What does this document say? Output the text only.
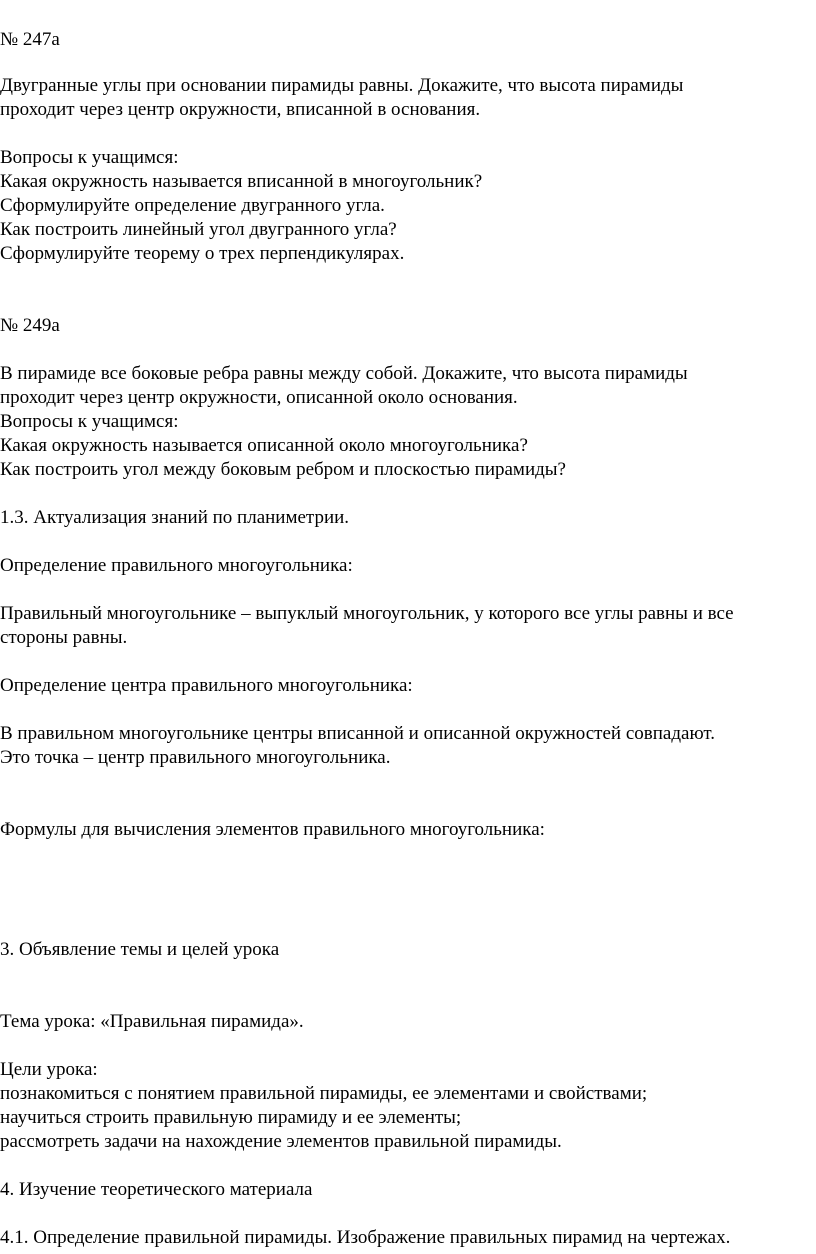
№ 247а

Двугранные углы при основании пирамиды равны. Докажите, что высота пирамиды

проходит через центр окружности, вписанной в основания.

Вопросы к учащимся:

Какая окружность называется вписанной в многоугольник?

Сформулируйте определение двугранного угла.

Как построить линейный угол двугранного угла?

Сформулируйте теорему о трех перпендикулярах.

№ 249а

В пирамиде все боковые ребра равны между собой. Докажите, что высота пирамиды

проходит через центр окружности, описанной около основания.

Вопросы к учащимся:

Какая окружность называется описанной около многоугольника?

Как построить угол между боковым ребром и плоскостью пирамиды?

1.3. Актуализация знаний по планиметрии.

Определение правильного многоугольника:

Правильный многоугольнике – выпуклый многоугольник, у которого все углы равны и все

стороны равны.

Определение центра правильного многоугольника:

В правильном многоугольнике центры вписанной и описанной окружностей совпадают.

Это точка – центр правильного многоугольника.

Формулы для вычисления элементов правильного многоугольника:

3. Объявление темы и целей урока

Тема урока: «Правильная пирамида».

Цели урока:

познакомиться с понятием правильной пирамиды, ее элементами и свойствами;

научиться строить правильную пирамиду и ее элементы;

рассмотреть задачи на нахождение элементов правильной пирамиды.

4. Изучение теоретического материала

4.1. Определение правильной пирамиды. Изображение правильных пирамид на чертежах.
